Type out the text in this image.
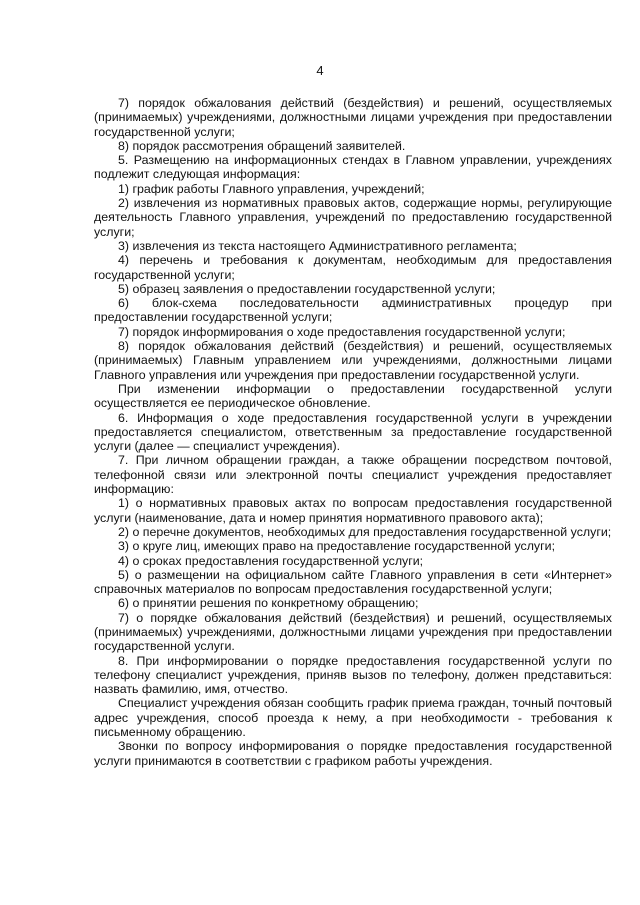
4

7) порядок обжалования действий (бездействия) и решений, осуществляемых (принимаемых) учреждениями, должностными лицами учреждения при предоставлении государственной услуги;

8) порядок рассмотрения обращений заявителей.

5. Размещению на информационных стендах в Главном управлении, учреждениях подлежит следующая информация:

1) график работы Главного управления, учреждений;

2) извлечения из нормативных правовых актов, содержащие нормы, регулирующие деятельность Главного управления, учреждений по предоставлению государственной услуги;

3) извлечения из текста настоящего Административного регламента;

4) перечень и требования к документам, необходимым для предоставления государственной услуги;

5) образец заявления о предоставлении государственной услуги;

6) блок-схема последовательности административных процедур при предоставлении государственной услуги;

7) порядок информирования о ходе предоставления государственной услуги;

8) порядок обжалования действий (бездействия) и решений, осуществляемых (принимаемых) Главным управлением или учреждениями, должностными лицами Главного управления или учреждения при предоставлении государственной услуги.

При изменении информации о предоставлении государственной услуги осуществляется ее периодическое обновление.

6. Информация о ходе предоставления государственной услуги в учреждении предоставляется специалистом, ответственным за предоставление государственной услуги (далее — специалист учреждения).

7. При личном обращении граждан, а также обращении посредством почтовой, телефонной связи или электронной почты специалист учреждения предоставляет информацию:

1) о нормативных правовых актах по вопросам предоставления государственной услуги (наименование, дата и номер принятия нормативного правового акта);

2) о перечне документов, необходимых для предоставления государственной услуги;

3) о круге лиц, имеющих право на предоставление государственной услуги;

4) о сроках предоставления государственной услуги;

5) о размещении на официальном сайте Главного управления в сети «Интернет» справочных материалов по вопросам предоставления государственной услуги;

6) о принятии решения по конкретному обращению;

7) о порядке обжалования действий (бездействия) и решений, осуществляемых (принимаемых) учреждениями, должностными лицами учреждения при предоставлении государственной услуги.

8. При информировании о порядке предоставления государственной услуги по телефону специалист учреждения, приняв вызов по телефону, должен представиться: назвать фамилию, имя, отчество.

Специалист учреждения обязан сообщить график приема граждан, точный почтовый адрес учреждения, способ проезда к нему, а при необходимости - требования к письменному обращению.

Звонки по вопросу информирования о порядке предоставления государственной услуги принимаются в соответствии с графиком работы учреждения.
